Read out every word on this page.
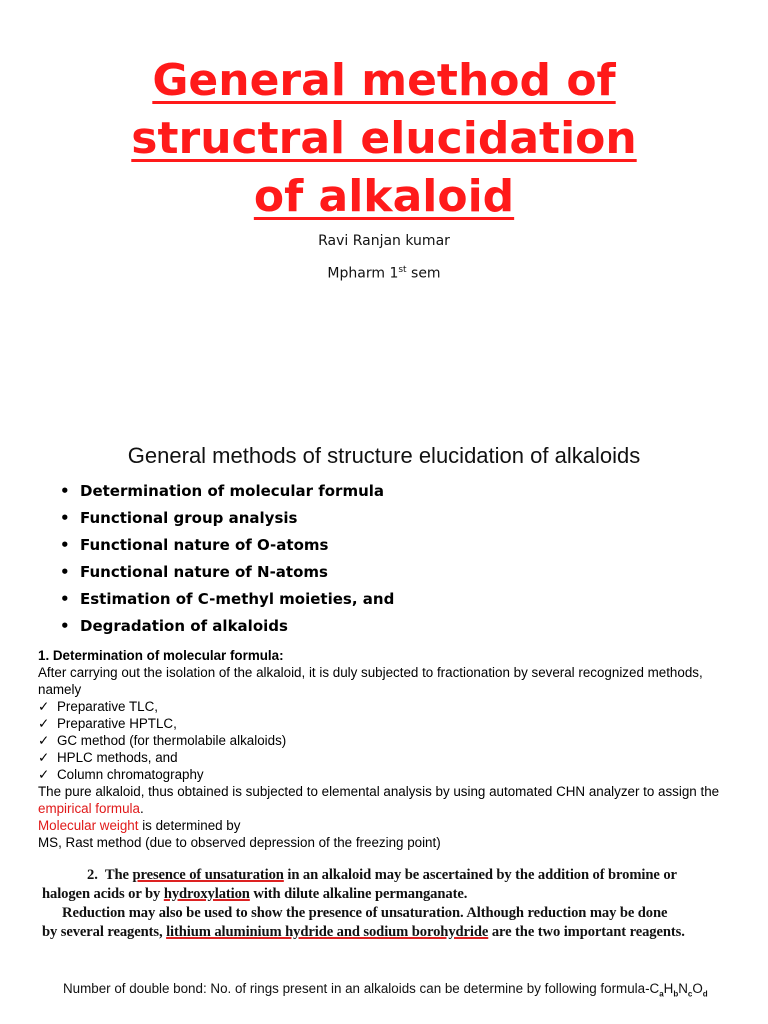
General method of
structral elucidation
of alkaloid
Ravi Ranjan kumar
Mpharm 1st sem
General methods of structure elucidation of alkaloids
• Determination of molecular formula
• Functional group analysis
• Functional nature of O-atoms
• Functional nature of N-atoms
• Estimation of C-methyl moieties, and
• Degradation of alkaloids

1. Determination of molecular formula:

After carrying out the isolation of the alkaloid, it is duly subjected to fractionation by several recognized methods, namely

✓ Preparative TLC,
✓ Preparative HPTLC,
✓ GC method (for thermolabile alkaloids)
✓ HPLC methods, and
✓ Column chromatography

The pure alkaloid, thus obtained is subjected to elemental analysis by using automated CHN analyzer to assign the empirical formula.

Molecular weight is determined by

MS, Rast method (due to observed depression of the freezing point)

2. The presence of unsaturation in an alkaloid may be ascertained by the addition of bromine or

halogen acids or by hydroxylation with dilute alkaline permanganate.

Reduction may also be used to show the presence of unsaturation. Although reduction may be done

by several reagents, lithium aluminium hydride and sodium borohydride are the two important reagents.

Number of double bond: No. of rings present in an alkaloids can be determine by following formula-$C_aH_bN_cO_d$
